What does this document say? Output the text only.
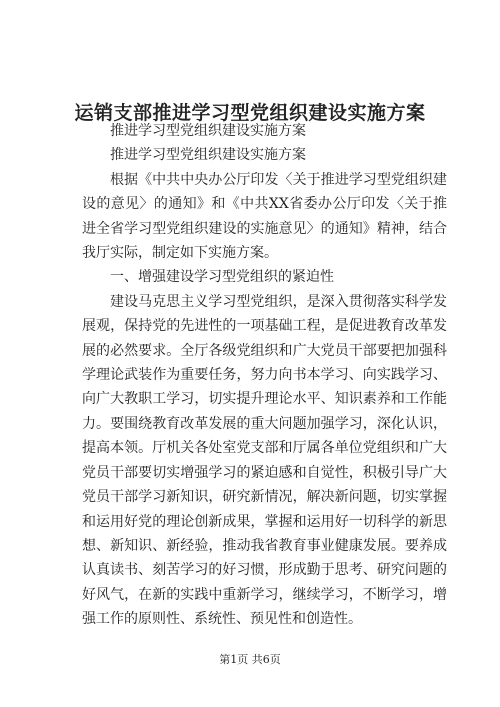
运销支部推进学习型党组织建设实施方案

推进学习型党组织建设实施方案

推进学习型党组织建设实施方案

根据《中共中央办公厅印发〈关于推进学习型党组织建设的意见〉的通知》和《中共XX省委办公厅印发〈关于推进全省学习型党组织建设的实施意见〉的通知》精神，结合我厅实际，制定如下实施方案。

一、增强建设学习型党组织的紧迫性

建设马克思主义学习型党组织，是深入贯彻落实科学发展观，保持党的先进性的一项基础工程，是促进教育改革发展的必然要求。全厅各级党组织和广大党员干部要把加强科学理论武装作为重要任务，努力向书本学习、向实践学习、向广大教职工学习，切实提升理论水平、知识素养和工作能力。要围绕教育改革发展的重大问题加强学习，深化认识，提高本领。厅机关各处室党支部和厅属各单位党组织和广大党员干部要切实增强学习的紧迫感和自觉性，积极引导广大党员干部学习新知识，研究新情况，解决新问题，切实掌握和运用好党的理论创新成果，掌握和运用好一切科学的新思想、新知识、新经验，推动我省教育事业健康发展。要养成认真读书、刻苦学习的好习惯，形成勤于思考、研究问题的好风气，在新的实践中重新学习，继续学习，不断学习，增强工作的原则性、系统性、预见性和创造性。

第1页 共6页
